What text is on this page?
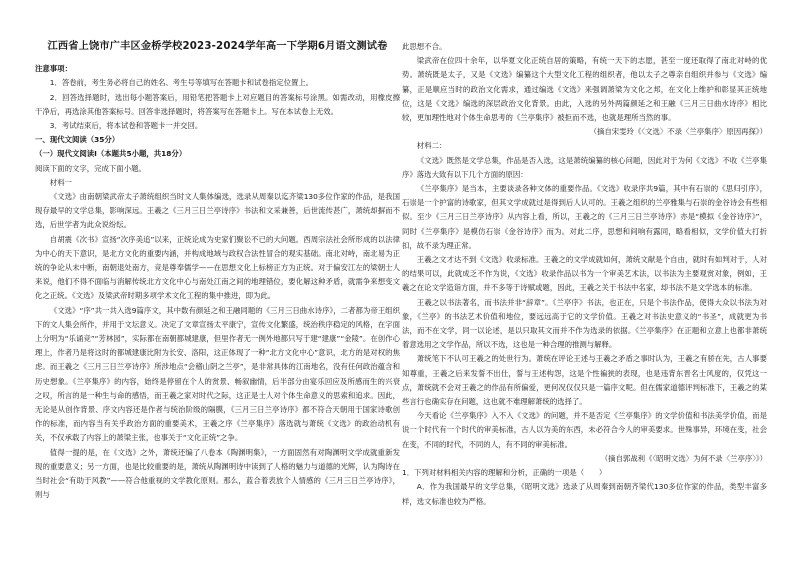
江西省上饶市广丰区金桥学校2023-2024学年高一下学期6月语文测试卷
注意事项：
1．答卷前，考生务必将自己的姓名、考生号等填写在答题卡和试卷指定位置上。
2．回答选择题时，选出每小题答案后，用铅笔把答题卡上对应题目的答案标号涂黑。如需改动，用橡皮擦干净后，再选涂其他答案标号。回答非选择题时，将答案写在答题卡上。写在本试卷上无效。
3．考试结束后，将本试卷和答题卡一并交回。
一、现代文阅读（35分）
（一）现代文阅读Ⅰ（本题共5小题，共18分）
阅读下面的文字，完成下面小题。
材料一
《文选》由南朝梁武帝太子萧统组织当时文人集体编选，选录从周秦以迄齐梁130多位作家的作品，是我国现存最早的文学总集，影响深远。王羲之《三月三日兰亭诗序》书法和文采兼善，后世流传甚广，萧统却摒而不选，后世学者为此众说纷纭。
自胡震《次书》宣扬“次序美追”以来，正统论成为史家们聚讼不已的大问题。西周宗法社会所形成的以法律为中心的天下意识，是北方文化的重要内涵，并构成地域与政权合法性冒合的观实基础。南北对峙，南北易为正统的争论从未中断，南朝退处南方，竞是尊奉儒学——在思想文化上标榜正方为正统。对于偏安江左的梁朝士人来说，他们不得不面临与消解传统北方文化中心与南处江南之间的地理错位，要化解这种矛盾，就需争来想变文化之正统。《文选》及梁武帝时期多项学术文化工程的集中推进，即为此。
《文选》“序”共一共入选9篇序文，其中数有颜延之和王融同题的《三月三日曲水诗序》，二者都为帝王组织下的文人集会所作，并用于文坛意义。决定了文章宣扬太平康宁，宣传文化繁盛，统治秩序稳定的风格，在字面上分明为“乐诵竞”“芳林园”，实际都在南朝都城建康，但里作者无一例外地都只写于建“建康”“金陵”。在创作心理上，作者乃是将这时的都城建康比附为长安、洛阳，这正体现了一种“北方文化中心”意识，北方的是对权的焦虑。而王羲之《三月三日兰亭诗序》所涉地点“会稽山阴之兰亭”，是非常具体的江南地名，没有任何政治蕴含和历史想象。《兰亭集序》的内容，始终是停留在个人的赏景、畅叙幽情，后半部分由宴乐回应及所感而生的兴衰之叹，所言的是一种生与命的感悟，而王羲之家对时代之际，这正是士人对个体生命意义的思索和追求。因此，无论是从创作背景、序文内容还是作者与统治阶级的隔膜，《三月三日兰亭诗序》都不符合天朝用于国家诗歌创作的标准，而内容当有关乎政治方面的重要美术，王羲之序《兰亭集序》落选就与萧统《文选》的政治动机有关，不仅承载了内容上的萧梁主张，也事关于“文化正统”之争。
值得一提的是，在《文选》之外，萧统还编了八卷本《陶渊明集》，一方面固然有对陶渊明文学成就重新发现的重要意义；另一方面，也是比较重要的是，萧统从陶渊明诗中读到了人格的魅力与道德的光辉，认为陶诗在当时社会“有助于风教”——符合他重视的文学教化原则。那么，蓝合着表放个人情感的《三月三日兰亭诗序》，则与
此思想不合。
梁武帝在位四十余年，以华夏文化正统自居的策略，有统一天下的志愿，甚至一度还取得了南北对峙的优势。萧统既是太子，又是《文选》编纂这个大型文化工程的组织者，他以太子之尊亲自组织并参与《文选》编纂，正是顺应当时的政治文化需求，通过编选《文选》来强调萧梁为文化之邦，在文化上维护和彰显其正统地位，这是《文选》编选的深层政治文化背景。由此，入选的另外两篇颜延之和王融《三月三日曲水诗序》相比较，更加理性地对个体生命思考的《兰亭集序》被拒而不选，也就是理所当然的事。
（摘自宋雯玲《〈文选〉不录〈兰亭集序〉原因再探》）
材料二：
《文选》既然是文学总集，作品是否入选，这是萧统编纂的核心问题，因此对于为何《文选》不收《兰亭集序》落选大致有以下几个方面的原因：
《兰亭集序》是当本，主要谈录各种文体的重要作品。《文选》收录序共9篇，其中有石崇的《思归引序》，石崇是一个护富的诗歌家，但其文学成就过是得到后人认可的。王羲之组织的兰亭雅集与石崇的金谷诗会有些相似。至少《三月三日兰亭诗序》从内容上看，所以，王羲之的《三月三日兰亭诗序》亦是“模拟《金谷诗序》”，同时《兰亭集序》是模仿石崇《金谷诗序》而为。对此二序，思想和间响有露同，略看相似，文学价值大打折扣，故不录为理正常。
王羲之文才达不到《文选》收录标准。王羲之的文学成就如何，萧统文献是个自由，就时有如判对于，人对的结果可以，此就成乏不作为说，《文选》收录作品以书为一个审美艺术法，以书法为主要观赏对象，例如，王羲之在论文学造诣方面，并不多等于诗赋或题，因此，王羲之关于书法中名家，却书法不是文学选本的标准。
王羲之以书法著名，而书法并非“辞章”。《兰亭序》书法，也正在，只是个书法作品，使得大众以书法为对象，《兰亭》的书法艺术价值和地位，要远远高于它的文学价值。王羲之对书法史意义的“书圣”，成就更为书法，而不在文学，同一以论述，是以只取其文而并不作为选录的依据。《兰亭集序》在正题和立意上也都非萧统着意选用之文学作品，所以不选，这也是一种合理的推测与解释。
萧统笔下不认可王羲之的处世行为。萧统在评论王述与王羲之矛盾之事时认为，王羲之有骄在先，古人事要知尊重，王羲之后来发誓不出仕，誓与王述构怨，这是个性褊狭的表现，也是违背东晋名士风度的，仅凭这一点，萧统就不会对王羲之的作品有所偏爱，更何况仅仅只是一篇序文呢。但在儒家道德评判标准下，王羲之的某些言行也确实存在问题，这也就不难理解萧统的选择了。
今天看论《兰亭集序》入不入《文选》的问题，并不是否定《兰亭集序》的文学价值和书法美学价值，而是说一个时代有一个时代的审美标准，古人以为美的东西，未必符合今人的审美要求。世殊事异，环境在变，社会在变，不同的时代，不同的人，有不同的审美标准。
（摘自郭战利《〈昭明文选〉为何不录〈兰亭序〉》）
1．下列对材料相关内容的理解和分析，正确的一项是（　　）
A．作为我国最早的文学总集，《昭明文选》选录了从周秦到南朝齐梁代130多位作家的作品，类型丰富多样，选文标准也较为严格。
